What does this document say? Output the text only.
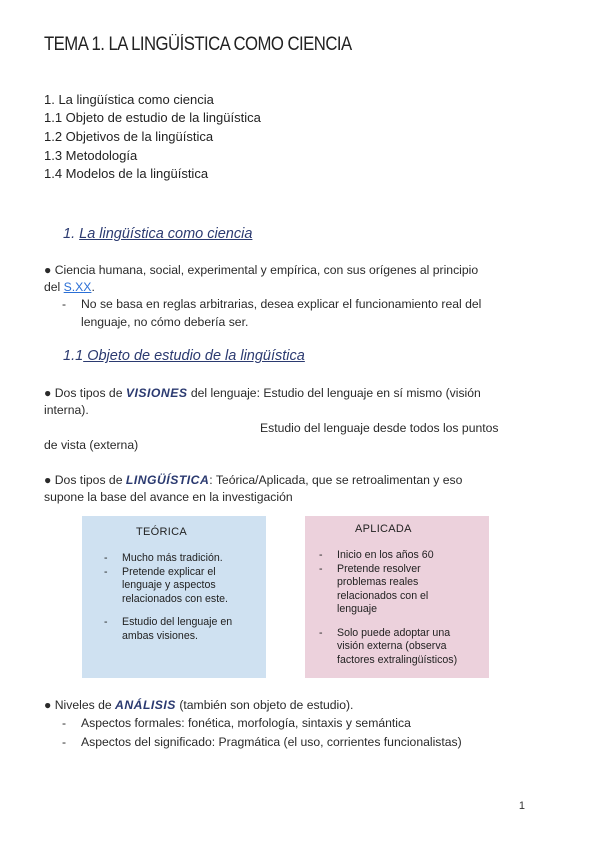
TEMA 1. LA LINGÜÍSTICA COMO CIENCIA
1. La lingüística como ciencia
1.1 Objeto de estudio de la lingüística
1.2 Objetivos de la lingüística
1.3 Metodología
1.4 Modelos de la lingüística
1. La lingüística como ciencia
● Ciencia humana, social, experimental y empírica, con sus orígenes al principio
del S.XX.
- No se basa en reglas arbitrarias, desea explicar el funcionamiento real del
lenguaje, no cómo debería ser.
1.1 Objeto de estudio de la lingüística
● Dos tipos de VISIONES del lenguaje: Estudio del lenguaje en sí mismo (visión
interna).
Estudio del lenguaje desde todos los puntos
de vista (externa)
● Dos tipos de LINGÜÍSTICA: Teórica/Aplicada, que se retroalimentan y eso
supone la base del avance en la investigación
TEÓRICA
- Mucho más tradición.
- Pretende explicar el
lenguaje y aspectos
relacionados con este.
- Estudio del lenguaje en
ambas visiones.
APLICADA
- Inicio en los años 60
- Pretende resolver
problemas reales
relacionados con el
lenguaje
- Solo puede adoptar una
visión externa (observa
factores extralingüísticos)
● Niveles de ANÁLISIS (también son objeto de estudio).
- Aspectos formales: fonética, morfología, sintaxis y semántica
- Aspectos del significado: Pragmática (el uso, corrientes funcionalistas)
1
